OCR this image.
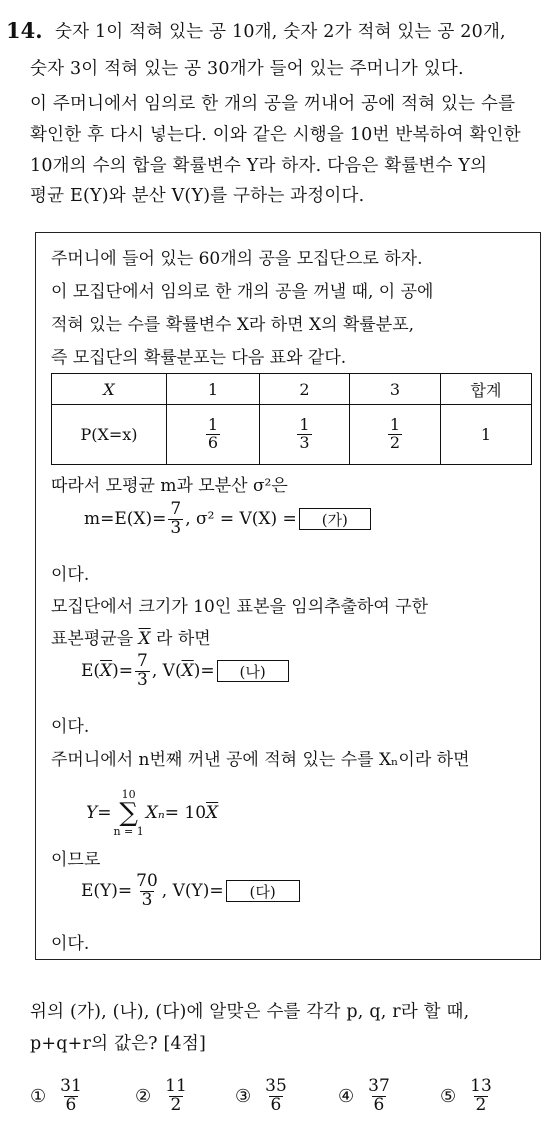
14. 숫자 1이 적혀 있는 공 10개, 숫자 2가 적혀 있는 공 20개,
숫자 3이 적혀 있는 공 30개가 들어 있는 주머니가 있다.
이 주머니에서 임의로 한 개의 공을 꺼내어 공에 적혀 있는 수를
확인한 후 다시 넣는다. 이와 같은 시행을 10번 반복하여 확인한
10개의 수의 합을 확률변수 Y라 하자. 다음은 확률변수 Y의
평균 E(Y)와 분산 V(Y)를 구하는 과정이다.
주머니에 들어 있는 60개의 공을 모집단으로 하자.
이 모집단에서 임의로 한 개의 공을 꺼낼 때, 이 공에
적혀 있는 수를 확률변수 X라 하면 X의 확률분포,
즉 모집단의 확률분포는 다음 표와 같다.
X	1	2	3	합계
P(X=x)	$\frac{1}{6}$	$\frac{1}{3}$	$\frac{1}{2}$	1
따라서 모평균 m과 모분산 σ²은
$m=E(X)= \frac{7}{3}$ , σ² = V(X) =	(가)
이다.
모집단에서 크기가 10인 표본을 임의추출하여 구한
표본평균을 $\overline{X}$ 라 하면
E( $\overline{X}$ )= $\frac{7}{3}$ , V( $\overline{X}$ )=	(나)
이다.
주머니에서 n번째 꺼낸 공에 적혀 있는 수를 Xₙ이라 하면
Y=
10
∑
n = 1
Xₙ = 10 $\overline{X}$
이므로
$E(Y)= \frac{70}{3}$ , V(Y)=	(다)
이다.
위의 (가), (나), (다)에 알맞은 수를 각각 p, q, r라 할 때,
p+q+r의 값은? [4점]
① $\frac{31}{6}$	② $\frac{11}{2}$	③ $\frac{35}{6}$	④ $\frac{37}{6}$	⑤ $\frac{13}{2}$
